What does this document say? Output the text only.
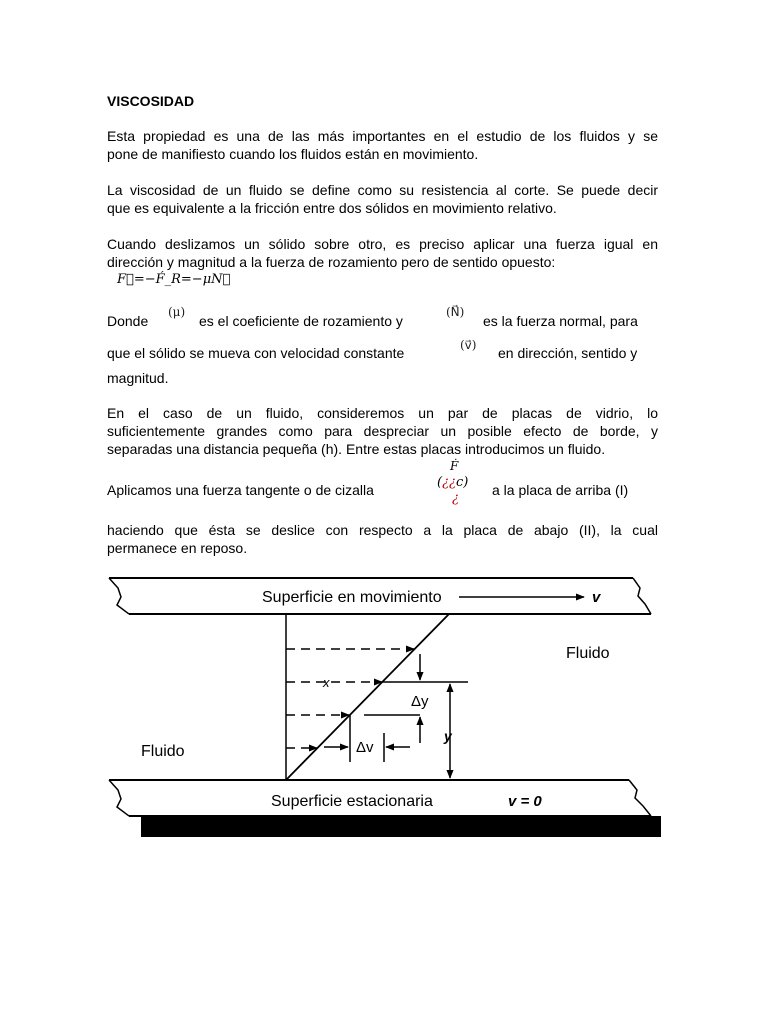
VISCOSIDAD

Esta propiedad es una de las más importantes en el estudio de los fluidos y se

pone de manifiesto cuando los fluidos están en movimiento.

La viscosidad de un fluido se define como su resistencia al corte. Se puede decir

que es equivalente a la fricción entre dos sólidos en movimiento relativo.

Cuando deslizamos un sólido sobre otro, es preciso aplicar una fuerza igual en

dirección y magnitud a la fuerza de rozamiento pero de sentido opuesto:

F⃗=−F́_R=−μN⃗
Donde
(μ)
es el coeficiente de rozamiento y
(N⃗)
es la fuerza normal, para
que el sólido se mueva con velocidad constante	(v⃗) en dirección, sentido y
magnitud.

En el caso de un fluido, consideremos un par de placas de vidrio, lo

suficientemente grandes como para despreciar un posible efecto de borde, y

separadas una distancia pequeña (h). Entre estas placas introducimos un fluido.

Aplicamos una fuerza tangente o de cizalla
Ḟ
(¿¿c)
¿
a la placa de arriba (I)

haciendo que ésta se deslice con respecto a la placa de abajo (II), la cual

permanece en reposo.

Superficie en movimiento	v
Fluido
Fluido
x
Δy
Δv
y
Superficie estacionaria	v = 0
